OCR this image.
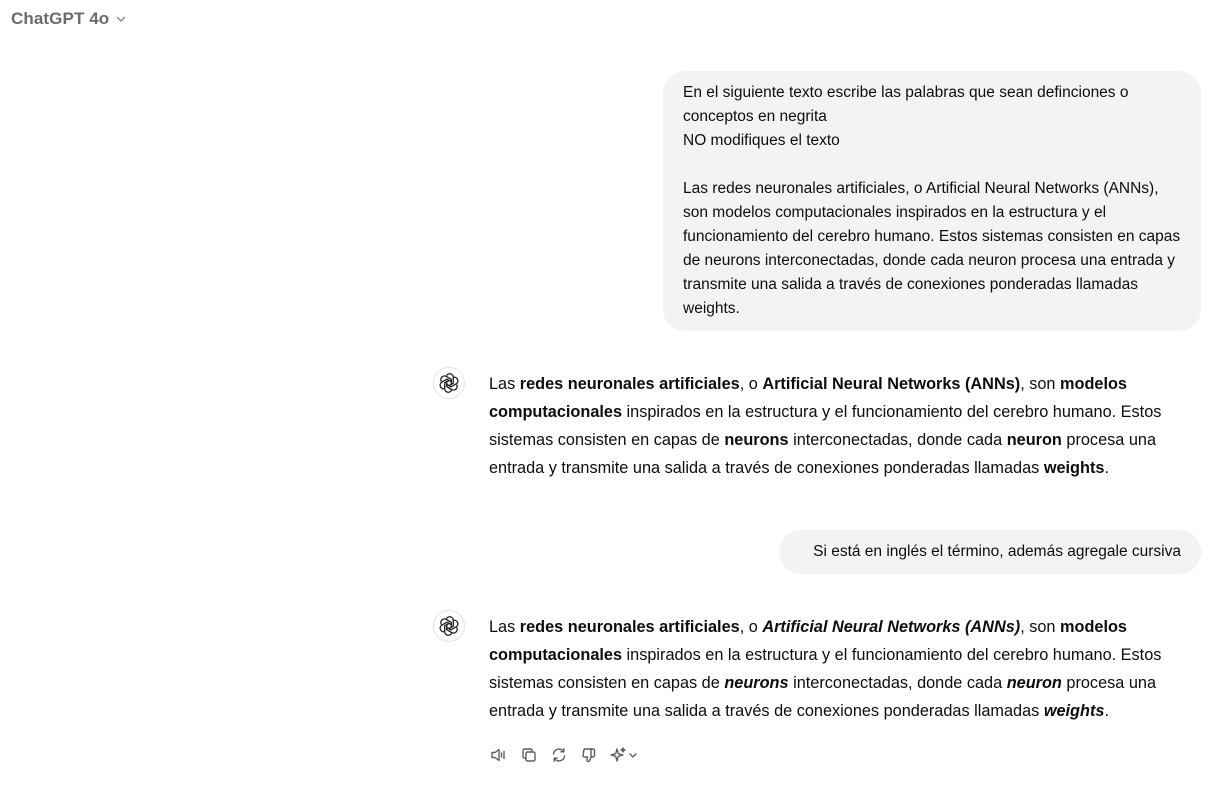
ChatGPT 4o

En el siguiente texto escribe las palabras que sean definciones o conceptos en negrita

NO modifiques el texto

Las redes neuronales artificiales, o Artificial Neural Networks (ANNs), son modelos computacionales inspirados en la estructura y el funcionamiento del cerebro humano. Estos sistemas consisten en capas de neurons interconectadas, donde cada neuron procesa una entrada y transmite una salida a través de conexiones ponderadas llamadas weights.

Las redes neuronales artificiales, o Artificial Neural Networks (ANNs), son modelos computacionales inspirados en la estructura y el funcionamiento del cerebro humano. Estos sistemas consisten en capas de neurons interconectadas, donde cada neuron procesa una entrada y transmite una salida a través de conexiones ponderadas llamadas weights.
Si está en inglés el término, además agregale cursiva
Las redes neuronales artificiales, o Artificial Neural Networks (ANNs), son modelos computacionales inspirados en la estructura y el funcionamiento del cerebro humano. Estos sistemas consisten en capas de neurons interconectadas, donde cada neuron procesa una entrada y transmite una salida a través de conexiones ponderadas llamadas weights.
